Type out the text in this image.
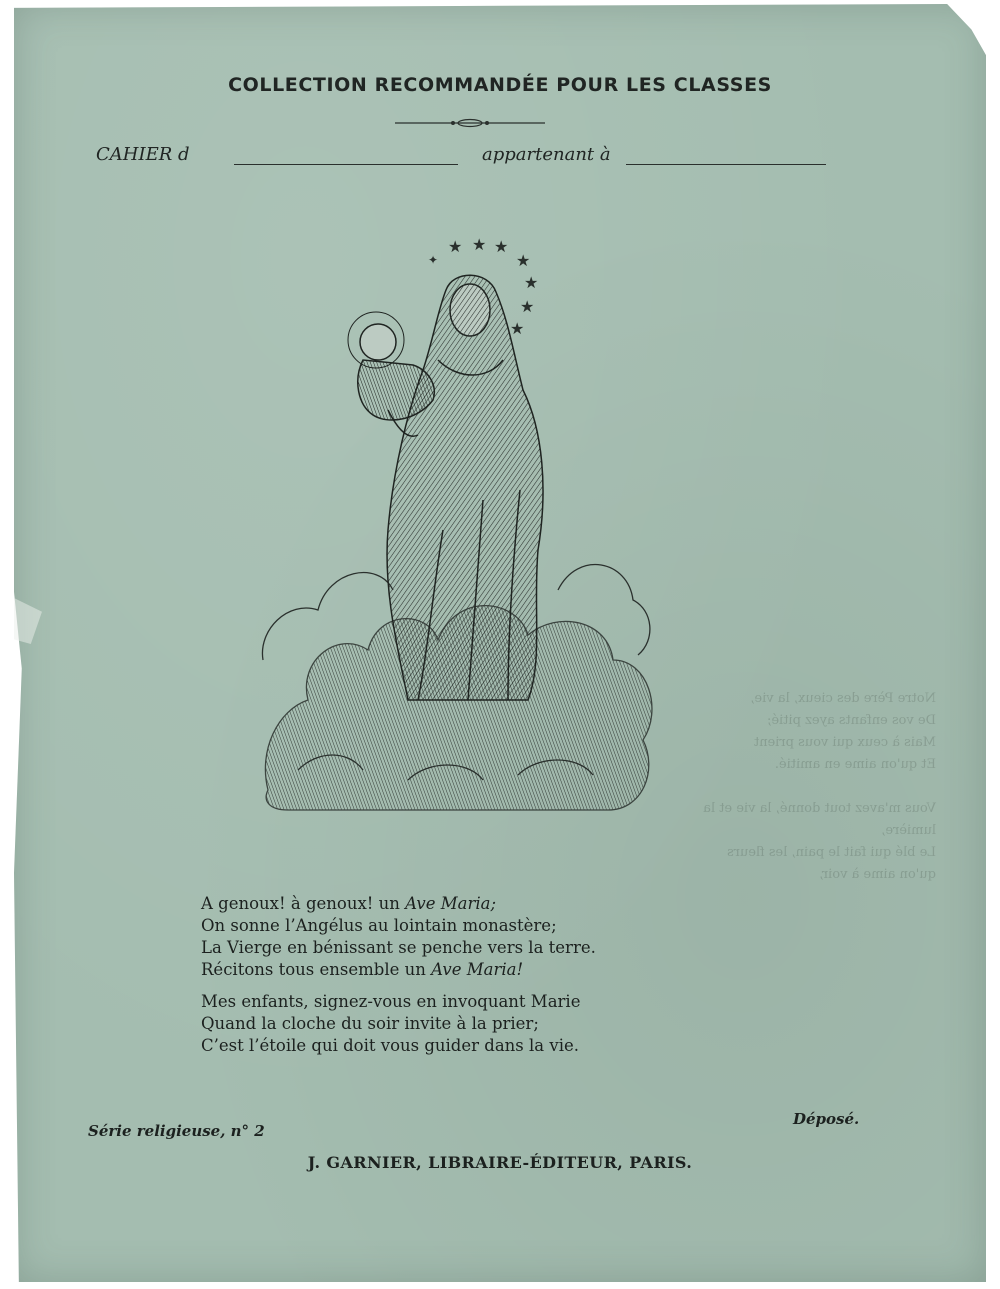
COLLECTION RECOMMANDÉE POUR LES CLASSES
CAHIER d	appartenant à
★ ★ ★
★
★
★
★
✦
Notre Père des cieux, la vie,
De vos enfants ayez pitié;
Mais à ceux qui vous prient
Et qu'on aime en amitié.

Vous m'avez tout donné, la vie et la lumière,
Le blé qui fait le pain, les fleurs qu'on aime à voir,
A genoux! à genoux! un Ave Maria;
On sonne l’Angélus au lointain monastère;
La Vierge en bénissant se penche vers la terre.
Récitons tous ensemble un Ave Maria!
Mes enfants, signez-vous en invoquant Marie
Quand la cloche du soir invite à la prier;
C’est l’étoile qui doit vous guider dans la vie.
Série religieuse, n° 2
Déposé.
J. GARNIER, LIBRAIRE-ÉDITEUR, PARIS.
